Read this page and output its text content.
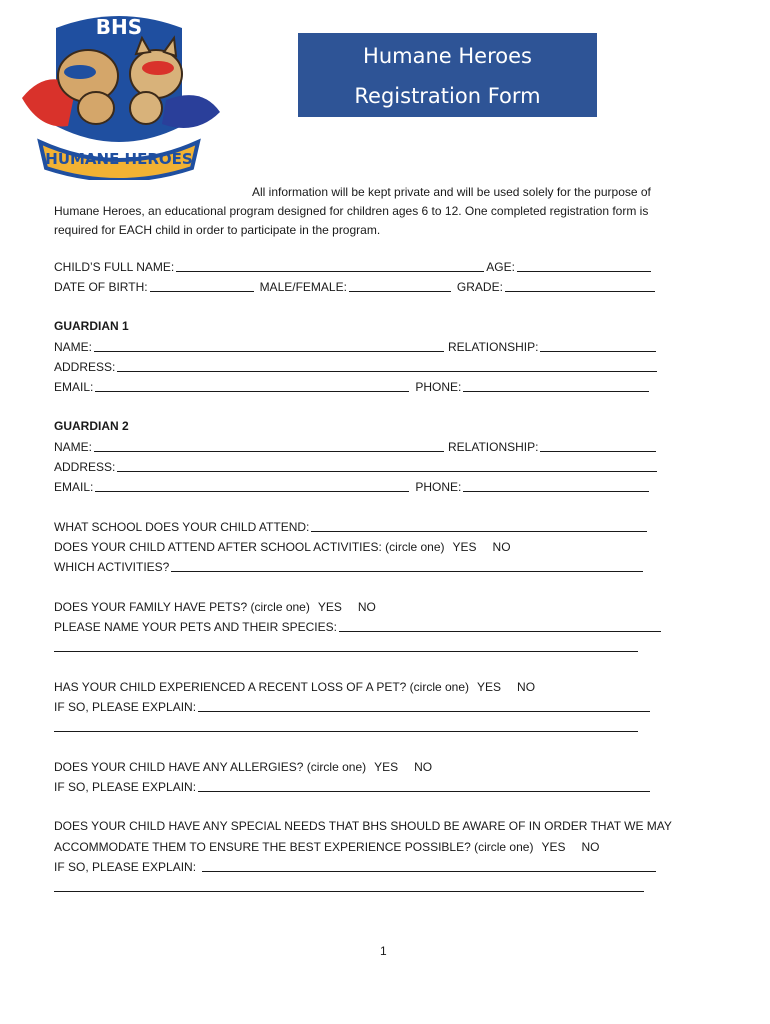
BHS
HUMANE HEROES
Humane Heroes
Registration Form
All information will be kept private and will be used solely for the purpose of
Humane Heroes, an educational program designed for children ages 6 to 12. One completed registration form is
required for EACH child in order to participate in the program.
CHILD’S FULL NAME:	AGE:
DATE OF BIRTH:	MALE/FEMALE:	GRADE:
GUARDIAN 1
NAME:	RELATIONSHIP:
ADDRESS:
EMAIL:	PHONE:
GUARDIAN 2
NAME:	RELATIONSHIP:
ADDRESS:
EMAIL:	PHONE:
WHAT SCHOOL DOES YOUR CHILD ATTEND:
DOES YOUR CHILD ATTEND AFTER SCHOOL ACTIVITIES: (circle one) YES NO
WHICH ACTIVITIES?
DOES YOUR FAMILY HAVE PETS? (circle one) YES NO
PLEASE NAME YOUR PETS AND THEIR SPECIES:
HAS YOUR CHILD EXPERIENCED A RECENT LOSS OF A PET? (circle one) YES NO
IF SO, PLEASE EXPLAIN:
DOES YOUR CHILD HAVE ANY ALLERGIES? (circle one) YES NO
IF SO, PLEASE EXPLAIN:
DOES YOUR CHILD HAVE ANY SPECIAL NEEDS THAT BHS SHOULD BE AWARE OF IN ORDER THAT WE MAY
ACCOMMODATE THEM TO ENSURE THE BEST EXPERIENCE POSSIBLE? (circle one) YES NO
IF SO, PLEASE EXPLAIN:
1
